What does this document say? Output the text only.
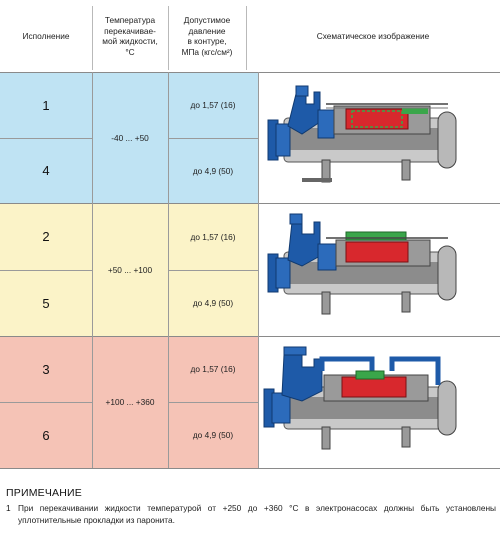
Исполнение
Температура
перекачивае-
мой жидкости,
°C
Допустимое
давление
в контуре,
МПа (кгс/см²)
Схематическое изображение
1
4
-40 ... +50
до 1,57 (16)
до 4,9 (50)
2
5
+50 ... +100
до 1,57 (16)
до 4,9 (50)
3
6
+100 ... +360
до 1,57 (16)
до 4,9 (50)
ПРИМЕЧАНИЕ
1 При перекачивании жидкости температурой от +250 до +360 °С в электронасосах должны быть установлены уплотнительные прокладки из паронита.
